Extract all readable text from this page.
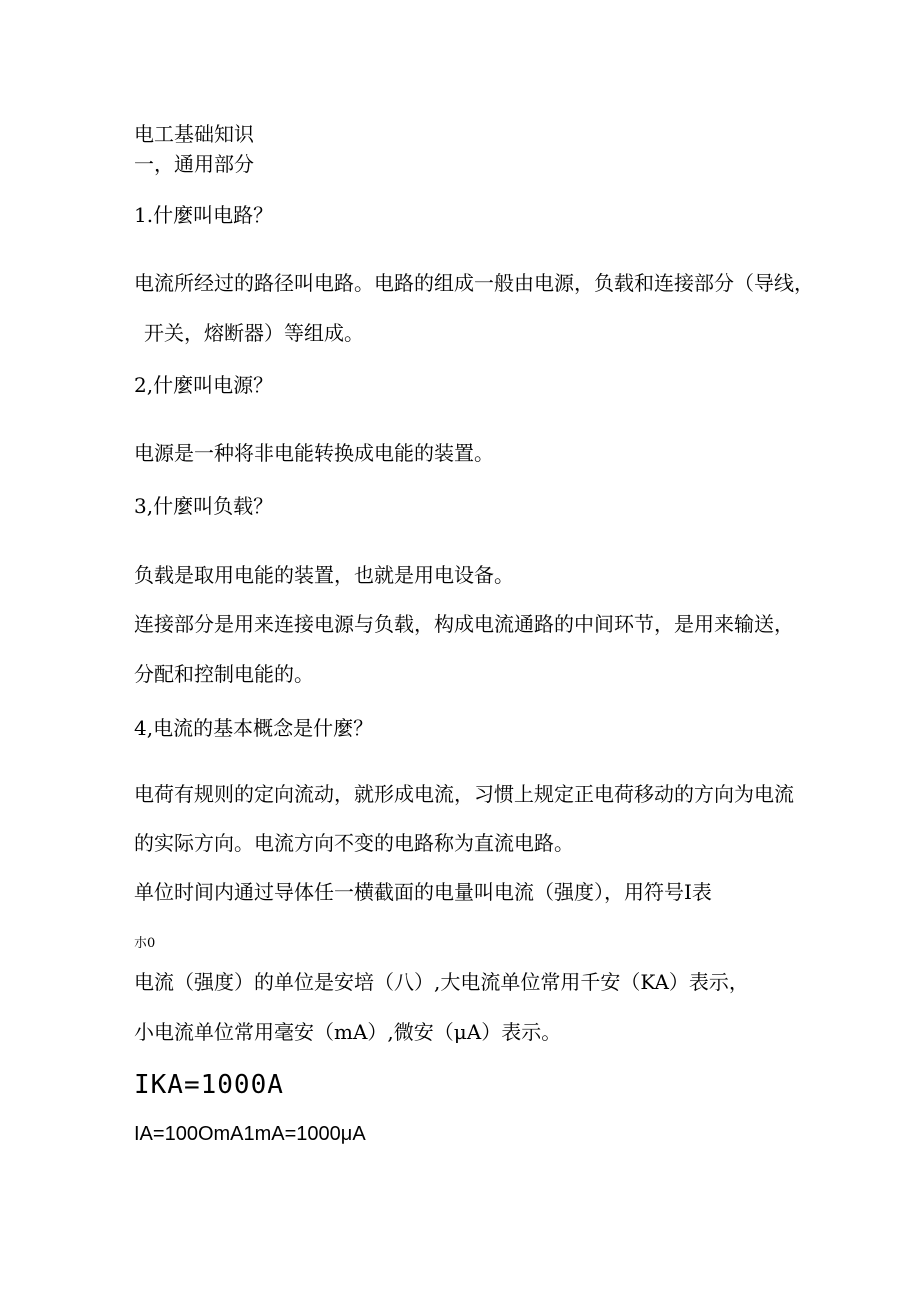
电工基础知识
一，通用部分
1.什麼叫电路？
电流所经过的路径叫电路。电路的组成一般由电源，负载和连接部分（导线，
开关，熔断器）等组成。
2,什麼叫电源？
电源是一种将非电能转换成电能的装置。
3,什麼叫负载？
负载是取用电能的装置，也就是用电设备。
连接部分是用来连接电源与负载，构成电流通路的中间环节，是用来输送，
分配和控制电能的。
4,电流的基本概念是什麼？
电荷有规则的定向流动，就形成电流，习惯上规定正电荷移动的方向为电流
的实际方向。电流方向不变的电路称为直流电路。
单位时间内通过导体任一横截面的电量叫电流（强度），用符号I表
朩0
电流（强度）的单位是安培（八）,大电流单位常用千安（KA）表示，
小电流单位常用毫安（mA）,微安（μA）表示。
IKA=1000A
IA=100OmA1mA=1000μA
